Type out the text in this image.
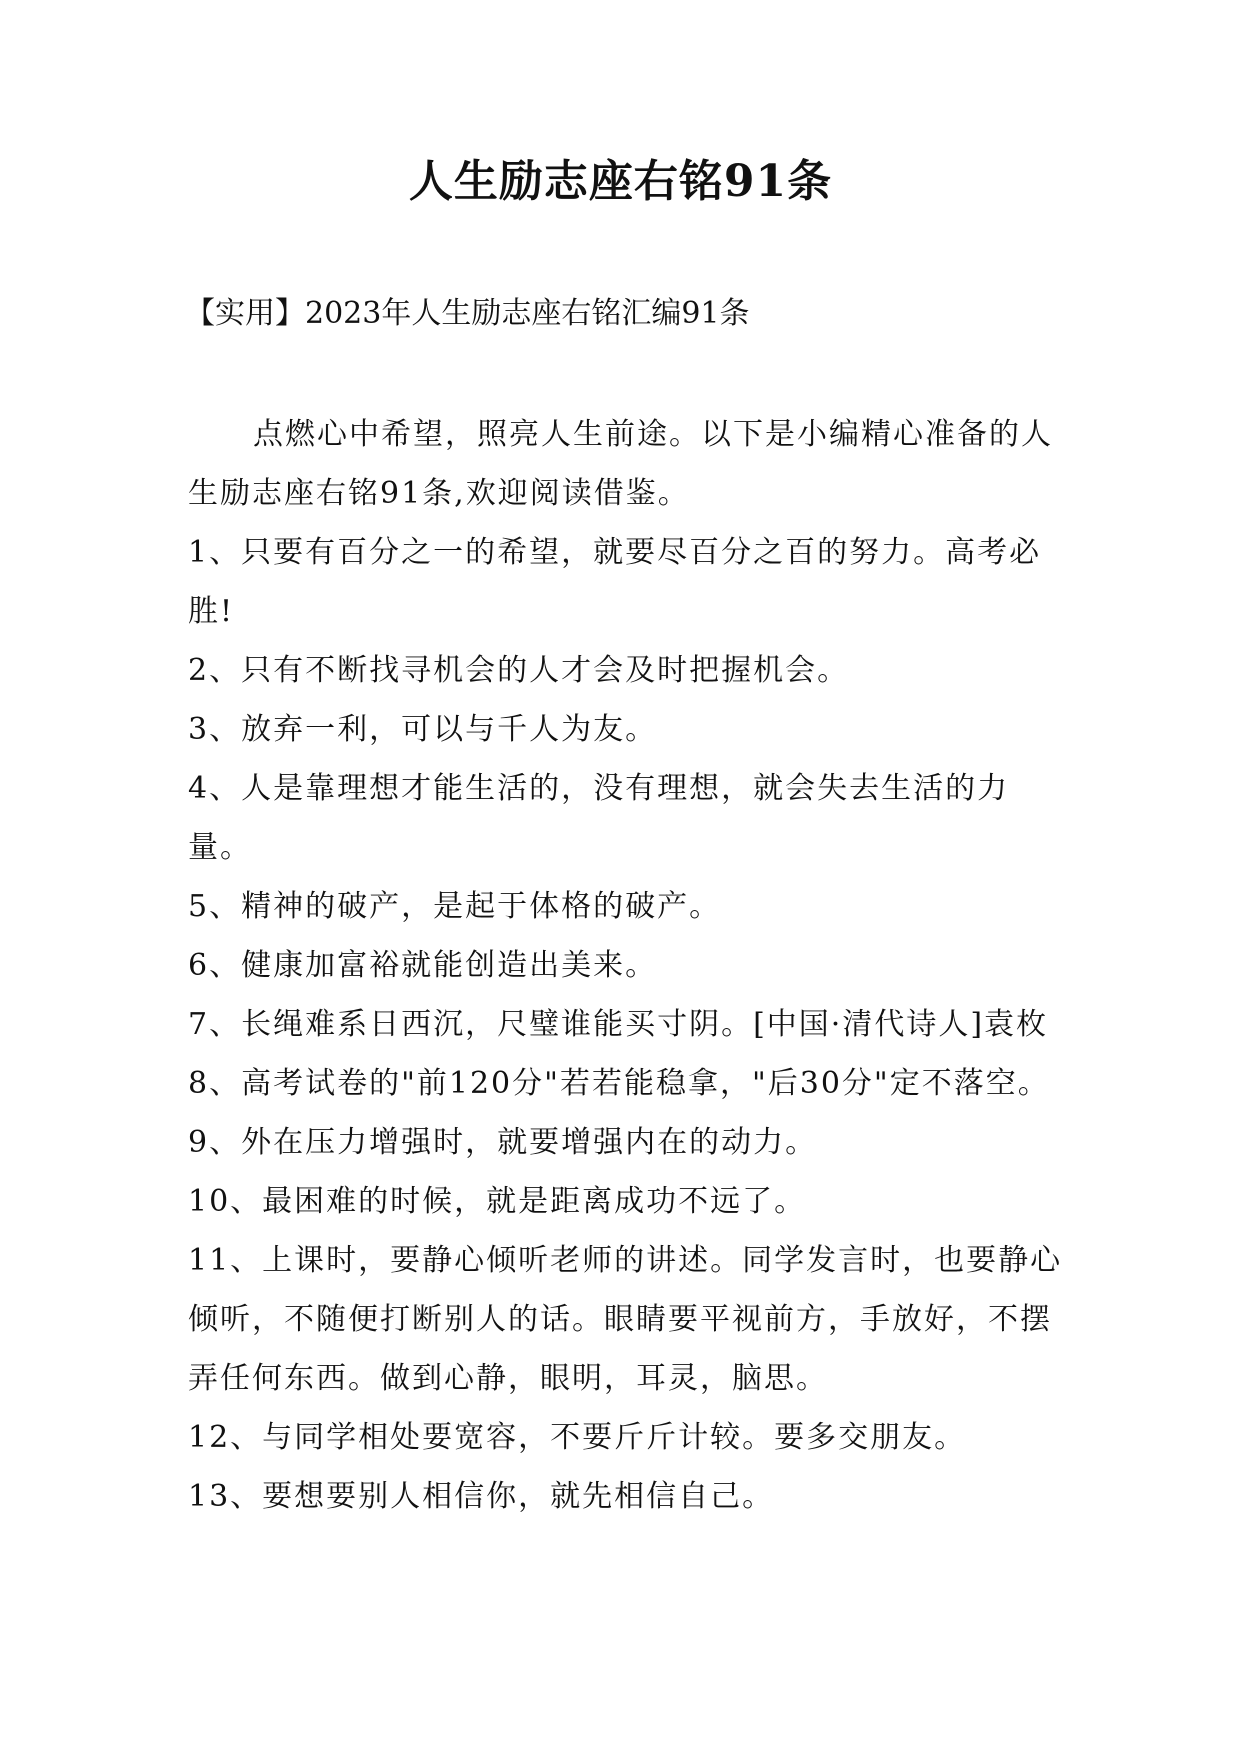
人生励志座右铭91条
【实用】2023年人生励志座右铭汇编91条

点燃心中希望，照亮人生前途。以下是小编精心准备的人生励志座右铭91条,欢迎阅读借鉴。

1、只要有百分之一的希望，就要尽百分之百的努力。高考必胜!

2、只有不断找寻机会的人才会及时把握机会。

3、放弃一利，可以与千人为友。

4、人是靠理想才能生活的，没有理想，就会失去生活的力量。

5、精神的破产，是起于体格的破产。

6、健康加富裕就能创造出美来。

7、长绳难系日西沉，尺璧谁能买寸阴。[中国·清代诗人]袁枚

8、高考试卷的"前120分"若若能稳拿，"后30分"定不落空。

9、外在压力增强时，就要增强内在的动力。

10、最困难的时候，就是距离成功不远了。

11、上课时，要静心倾听老师的讲述。同学发言时，也要静心倾听，不随便打断别人的话。眼睛要平视前方，手放好，不摆弄任何东西。做到心静，眼明，耳灵，脑思。

12、与同学相处要宽容，不要斤斤计较。要多交朋友。

13、要想要别人相信你，就先相信自己。
